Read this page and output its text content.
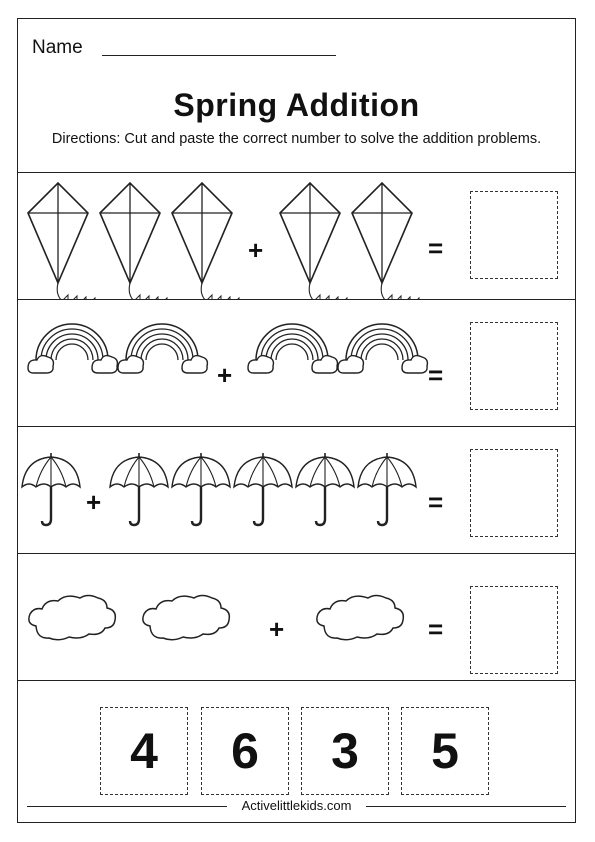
Name
Spring Addition
Directions: Cut and paste the correct number to solve the addition problems.
+	=
+	=
+	=
+	=
4	6	3	5
Activelittlekids.com
